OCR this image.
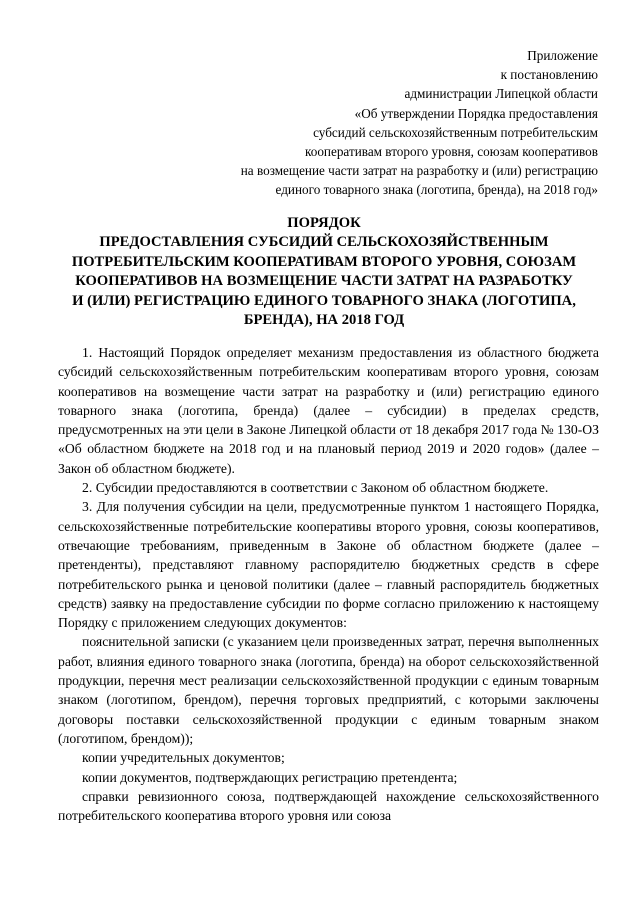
Приложение
к постановлению
администрации Липецкой области
«Об утверждении Порядка предоставления
субсидий сельскохозяйственным потребительским
кооперативам второго уровня, союзам кооперативов
на возмещение части затрат на разработку и (или) регистрацию
единого товарного знака (логотипа, бренда), на 2018 год»
ПОРЯДОК
ПРЕДОСТАВЛЕНИЯ СУБСИДИЙ СЕЛЬСКОХОЗЯЙСТВЕННЫМ
ПОТРЕБИТЕЛЬСКИМ КООПЕРАТИВАМ ВТОРОГО УРОВНЯ, СОЮЗАМ
КООПЕРАТИВОВ НА ВОЗМЕЩЕНИЕ ЧАСТИ ЗАТРАТ НА РАЗРАБОТКУ
И (ИЛИ) РЕГИСТРАЦИЮ ЕДИНОГО ТОВАРНОГО ЗНАКА (ЛОГОТИПА,
БРЕНДА), НА 2018 ГОД

1. Настоящий Порядок определяет механизм предоставления из областного бюджета субсидий сельскохозяйственным потребительским кооперативам второго уровня, союзам кооперативов на возмещение части затрат на разработку и (или) регистрацию единого товарного знака (логотипа, бренда) (далее – субсидии) в пределах средств, предусмотренных на эти цели в Законе Липецкой области от 18 декабря 2017 года № 130-ОЗ «Об областном бюджете на 2018 год и на плановый период 2019 и 2020 годов» (далее – Закон об областном бюджете).

2. Субсидии предоставляются в соответствии с Законом об областном бюджете.

3. Для получения субсидии на цели, предусмотренные пунктом 1 настоящего Порядка, сельскохозяйственные потребительские кооперативы второго уровня, союзы кооперативов, отвечающие требованиям, приведенным в Законе об областном бюджете (далее – претенденты), представляют главному распорядителю бюджетных средств в сфере потребительского рынка и ценовой политики (далее – главный распорядитель бюджетных средств) заявку на предоставление субсидии по форме согласно приложению к настоящему Порядку с приложением следующих документов:

пояснительной записки (с указанием цели произведенных затрат, перечня выполненных работ, влияния единого товарного знака (логотипа, бренда) на оборот сельскохозяйственной продукции, перечня мест реализации сельскохозяйственной продукции с единым товарным знаком (логотипом, брендом), перечня торговых предприятий, с которыми заключены договоры поставки сельскохозяйственной продукции с единым товарным знаком (логотипом, брендом));

копии учредительных документов;

копии документов, подтверждающих регистрацию претендента;

справки ревизионного союза, подтверждающей нахождение сельскохозяйственного потребительского кооператива второго уровня или союза
